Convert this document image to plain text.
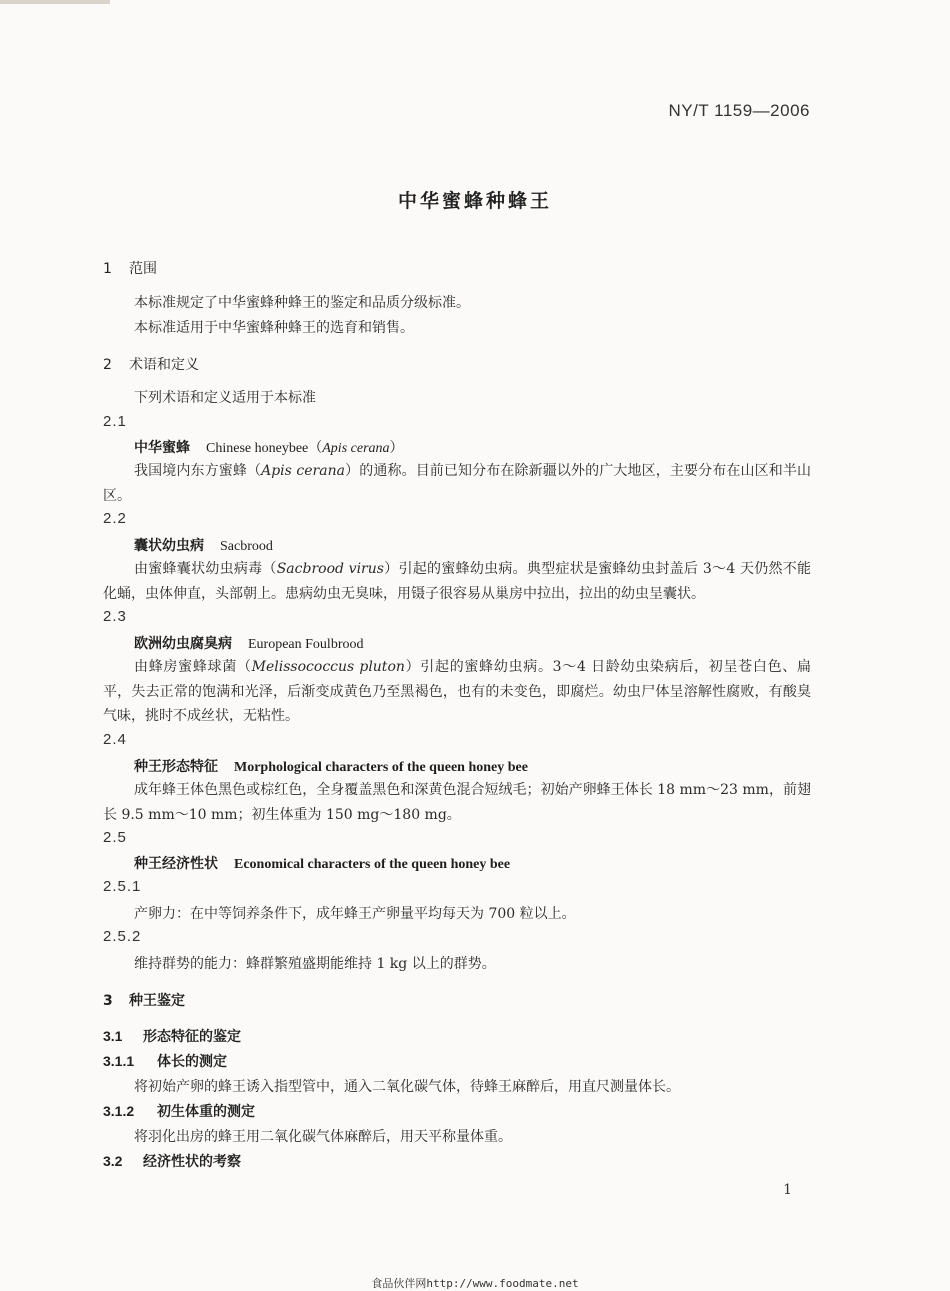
NY/T 1159—2006
中华蜜蜂种蜂王
1 范围
本标准规定了中华蜜蜂种蜂王的鉴定和品质分级标准。
本标准适用于中华蜜蜂种蜂王的选育和销售。
2 术语和定义
下列术语和定义适用于本标准
2.1
中华蜜蜂 Chinese honeybee（Apis cerana）
我国境内东方蜜蜂（Apis cerana）的通称。目前已知分布在除新疆以外的广大地区，主要分布在山区和半山区。
2.2
囊状幼虫病 Sacbrood
由蜜蜂囊状幼虫病毒（Sacbrood virus）引起的蜜蜂幼虫病。典型症状是蜜蜂幼虫封盖后 3～4 天仍然不能化蛹，虫体伸直，头部朝上。患病幼虫无臭味，用镊子很容易从巢房中拉出，拉出的幼虫呈囊状。
2.3
欧洲幼虫腐臭病 European Foulbrood
由蜂房蜜蜂球菌（Melissococcus pluton）引起的蜜蜂幼虫病。3～4 日龄幼虫染病后，初呈苍白色、扁平，失去正常的饱满和光泽，后渐变成黄色乃至黑褐色，也有的未变色，即腐烂。幼虫尸体呈溶解性腐败，有酸臭气味，挑时不成丝状，无粘性。
2.4
种王形态特征 Morphological characters of the queen honey bee
成年蜂王体色黑色或棕红色，全身覆盖黑色和深黄色混合短绒毛；初始产卵蜂王体长 18 mm～23 mm，前翅长 9.5 mm～10 mm；初生体重为 150 mg～180 mg。
2.5
种王经济性状 Economical characters of the queen honey bee
2.5.1
产卵力：在中等饲养条件下，成年蜂王产卵量平均每天为 700 粒以上。
2.5.2
维持群势的能力：蜂群繁殖盛期能维持 1 kg 以上的群势。
3 种王鉴定
3.1 形态特征的鉴定
3.1.1 体长的测定
将初始产卵的蜂王诱入指型管中，通入二氧化碳气体，待蜂王麻醉后，用直尺测量体长。
3.1.2 初生体重的测定
将羽化出房的蜂王用二氧化碳气体麻醉后，用天平称量体重。
3.2 经济性状的考察
1
食品伙伴网http://www.foodmate.net
